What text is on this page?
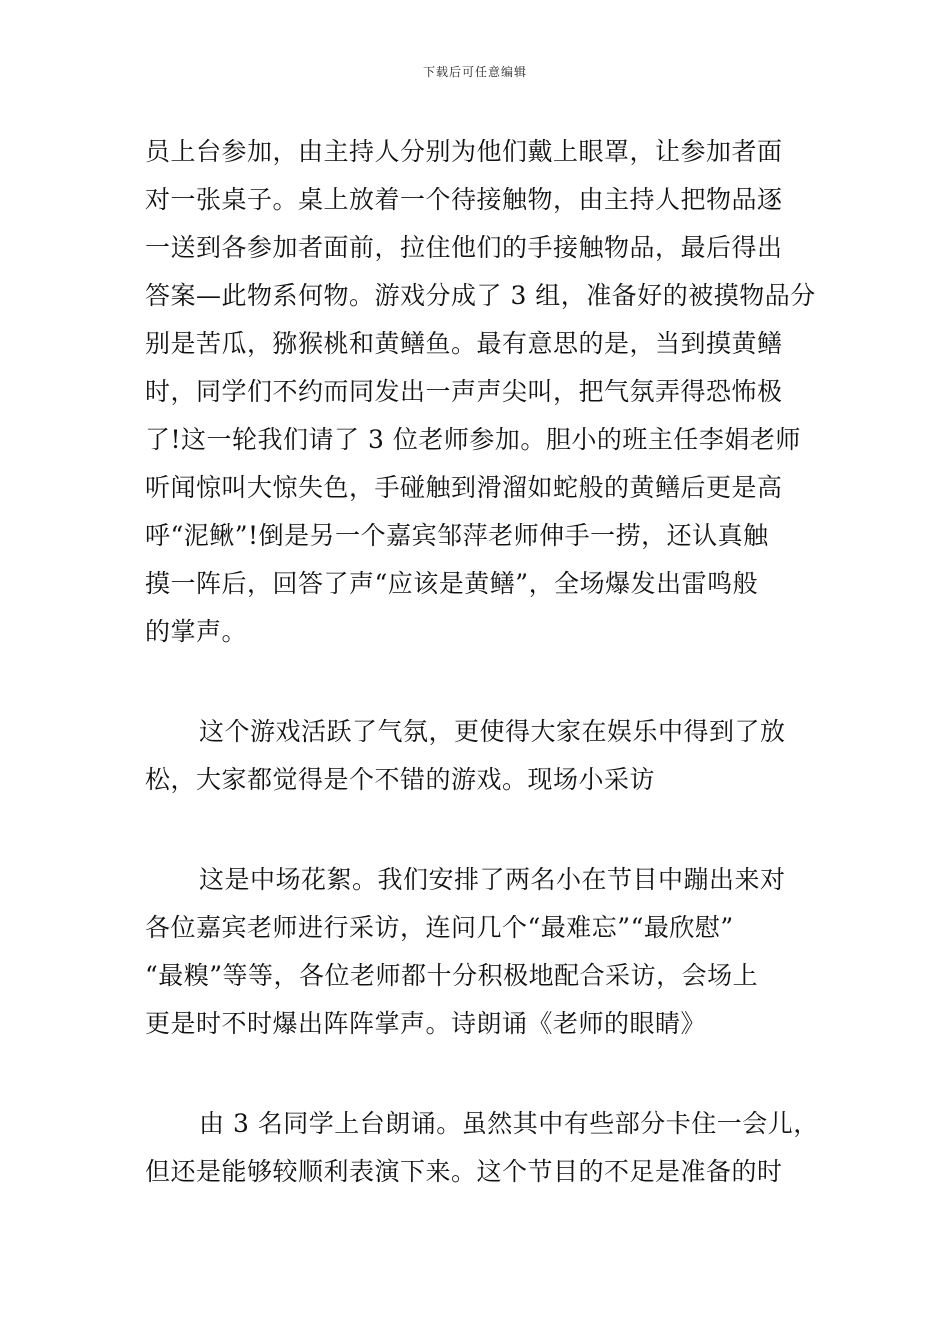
下载后可任意编辑
员上台参加，由主持人分别为他们戴上眼罩，让参加者面
对一张桌子。桌上放着一个待接触物，由主持人把物品逐
一送到各参加者面前，拉住他们的手接触物品，最后得出
答案—此物系何物。游戏分成了 3 组，准备好的被摸物品分
别是苦瓜，猕猴桃和黄鳝鱼。最有意思的是，当到摸黄鳝
时，同学们不约而同发出一声声尖叫，把气氛弄得恐怖极
了!这一轮我们请了 3 位老师参加。胆小的班主任李娟老师
听闻惊叫大惊失色，手碰触到滑溜如蛇般的黄鳝后更是高
呼“泥鳅”!倒是另一个嘉宾邹萍老师伸手一捞，还认真触
摸一阵后，回答了声“应该是黄鳝”，全场爆发出雷鸣般
的掌声。
这个游戏活跃了气氛，更使得大家在娱乐中得到了放
松，大家都觉得是个不错的游戏。现场小采访
这是中场花絮。我们安排了两名小在节目中蹦出来对
各位嘉宾老师进行采访，连问几个“最难忘”“最欣慰”
“最糗”等等，各位老师都十分积极地配合采访，会场上
更是时不时爆出阵阵掌声。诗朗诵《老师的眼睛》
由 3 名同学上台朗诵。虽然其中有些部分卡住一会儿，
但还是能够较顺利表演下来。这个节目的不足是准备的时
